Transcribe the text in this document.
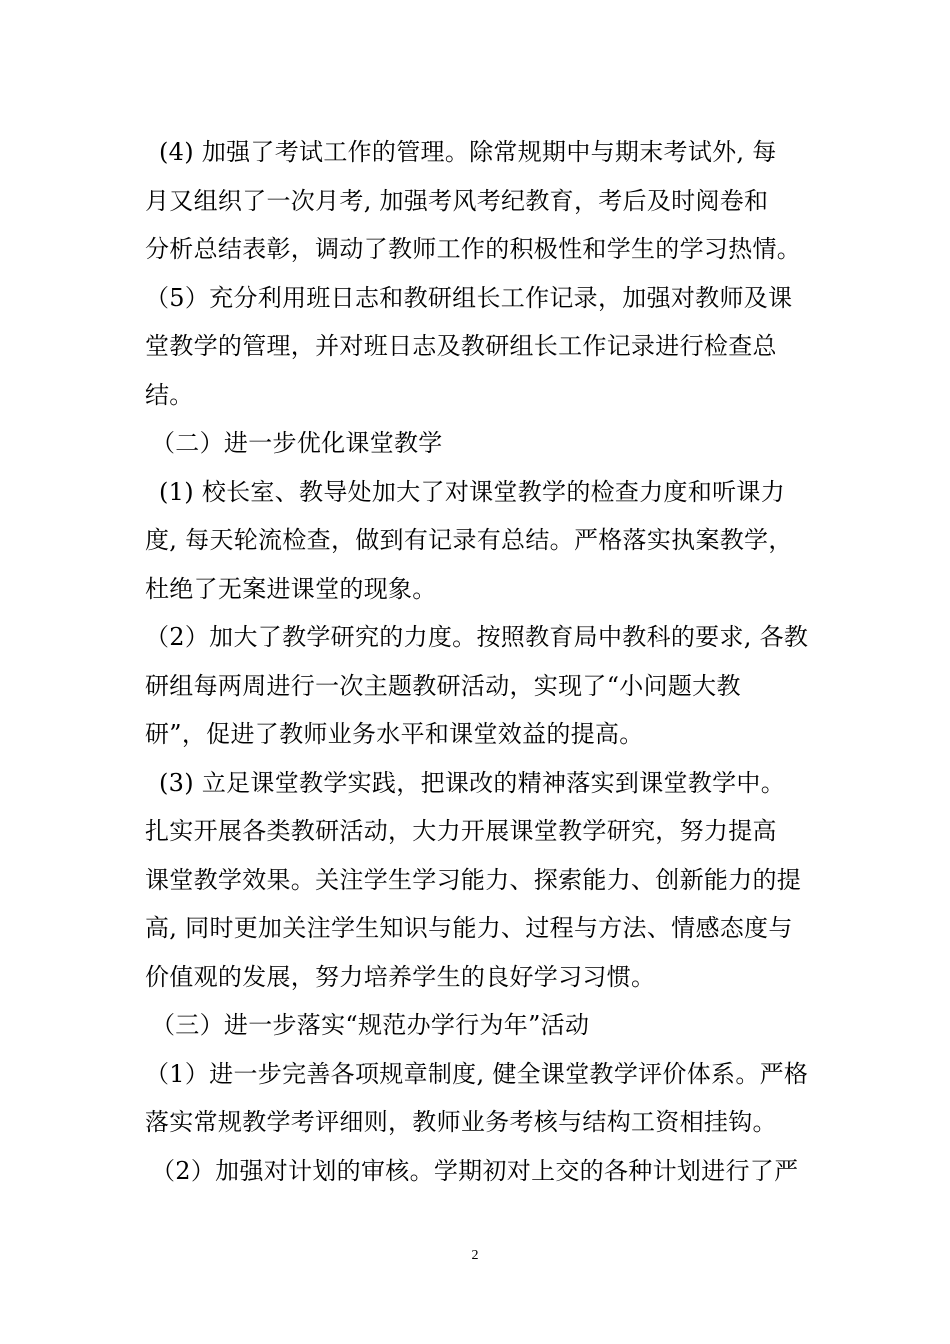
(4) 加强了考试工作的管理。除常规期中与期末考试外, 每
月又组织了一次月考, 加强考风考纪教育，考后及时阅卷和
分析总结表彰，调动了教师工作的积极性和学生的学习热情。
（5）充分利用班日志和教研组长工作记录，加强对教师及课
堂教学的管理，并对班日志及教研组长工作记录进行检查总
结。
（二）进一步优化课堂教学
(1) 校长室、教导处加大了对课堂教学的检查力度和听课力
度, 每天轮流检查，做到有记录有总结。严格落实执案教学，
杜绝了无案进课堂的现象。
（2）加大了教学研究的力度。按照教育局中教科的要求, 各教
研组每两周进行一次主题教研活动，实现了“小问题大教
研”，促进了教师业务水平和课堂效益的提高。
(3) 立足课堂教学实践，把课改的精神落实到课堂教学中。
扎实开展各类教研活动，大力开展课堂教学研究，努力提高
课堂教学效果。关注学生学习能力、探索能力、创新能力的提
高, 同时更加关注学生知识与能力、过程与方法、情感态度与
价值观的发展，努力培养学生的良好学习习惯。
（三）进一步落实“规范办学行为年”活动
（1）进一步完善各项规章制度, 健全课堂教学评价体系。严格
落实常规教学考评细则，教师业务考核与结构工资相挂钩。
（2）加强对计划的审核。学期初对上交的各种计划进行了严
2
